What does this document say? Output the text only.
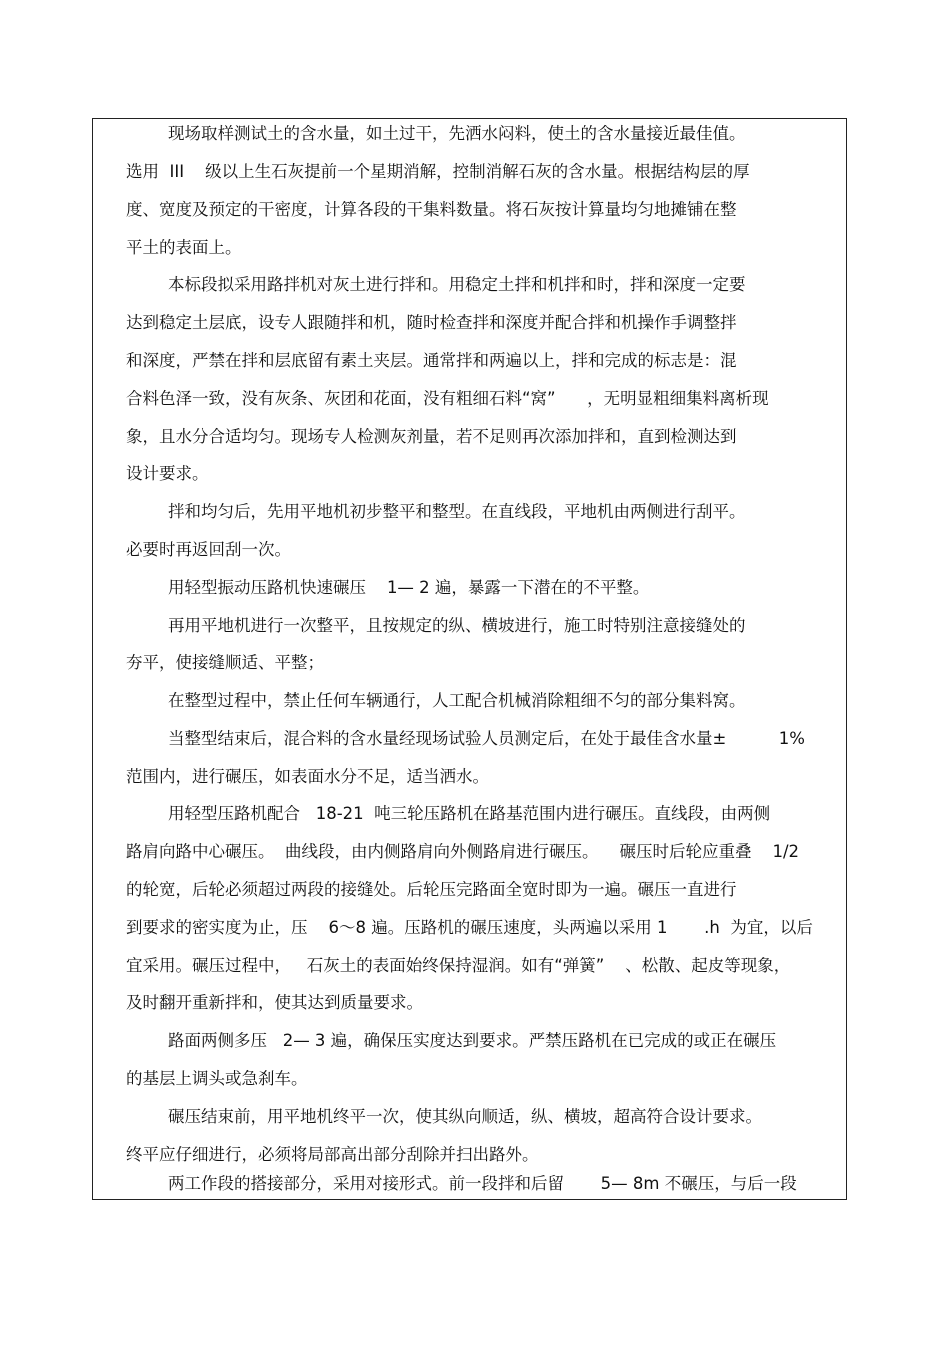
现场取样测试土的含水量，如土过干，先洒水闷料，使土的含水量接近最佳值。
选用  III    级以上生石灰提前一个星期消解，控制消解石灰的含水量。根据结构层的厚
度、宽度及预定的干密度，计算各段的干集料数量。将石灰按计算量均匀地摊铺在整
平土的表面上。
本标段拟采用路拌机对灰土进行拌和。用稳定土拌和机拌和时，拌和深度一定要
达到稳定土层底，设专人跟随拌和机，随时检查拌和深度并配合拌和机操作手调整拌
和深度，严禁在拌和层底留有素土夹层。通常拌和两遍以上，拌和完成的标志是：混
合料色泽一致，没有灰条、灰团和花面，没有粗细石料“窝”      ，无明显粗细集料离析现
象，且水分合适均匀。现场专人检测灰剂量，若不足则再次添加拌和，直到检测达到
设计要求。
拌和均匀后，先用平地机初步整平和整型。在直线段，平地机由两侧进行刮平。
必要时再返回刮一次。
用轻型振动压路机快速碾压    1— 2 遍，暴露一下潜在的不平整。
再用平地机进行一次整平，且按规定的纵、横坡进行，施工时特别注意接缝处的
夯平，使接缝顺适、平整；
在整型过程中，禁止任何车辆通行，人工配合机械消除粗细不匀的部分集料窝。
当整型结束后，混合料的含水量经现场试验人员测定后，在处于最佳含水量±          1%
范围内，进行碾压，如表面水分不足，适当洒水。
用轻型压路机配合   18-21  吨三轮压路机在路基范围内进行碾压。直线段，由两侧
路肩向路中心碾压。  曲线段，由内侧路肩向外侧路肩进行碾压。    碾压时后轮应重叠    1/2
的轮宽，后轮必须超过两段的接缝处。后轮压完路面全宽时即为一遍。碾压一直进行
到要求的密实度为止，压    6～8 遍。压路机的碾压速度，头两遍以采用 1       .h  为宜，以后
宜采用。碾压过程中，   石灰土的表面始终保持湿润。如有“弹簧”    、松散、起皮等现象，
及时翻开重新拌和，使其达到质量要求。
路面两侧多压   2— 3 遍，确保压实度达到要求。严禁压路机在已完成的或正在碾压
的基层上调头或急刹车。
碾压结束前，用平地机终平一次，使其纵向顺适，纵、横坡，超高符合设计要求。
终平应仔细进行，必须将局部高出部分刮除并扫出路外。
两工作段的搭接部分，采用对接形式。前一段拌和后留       5— 8m 不碾压，与后一段
